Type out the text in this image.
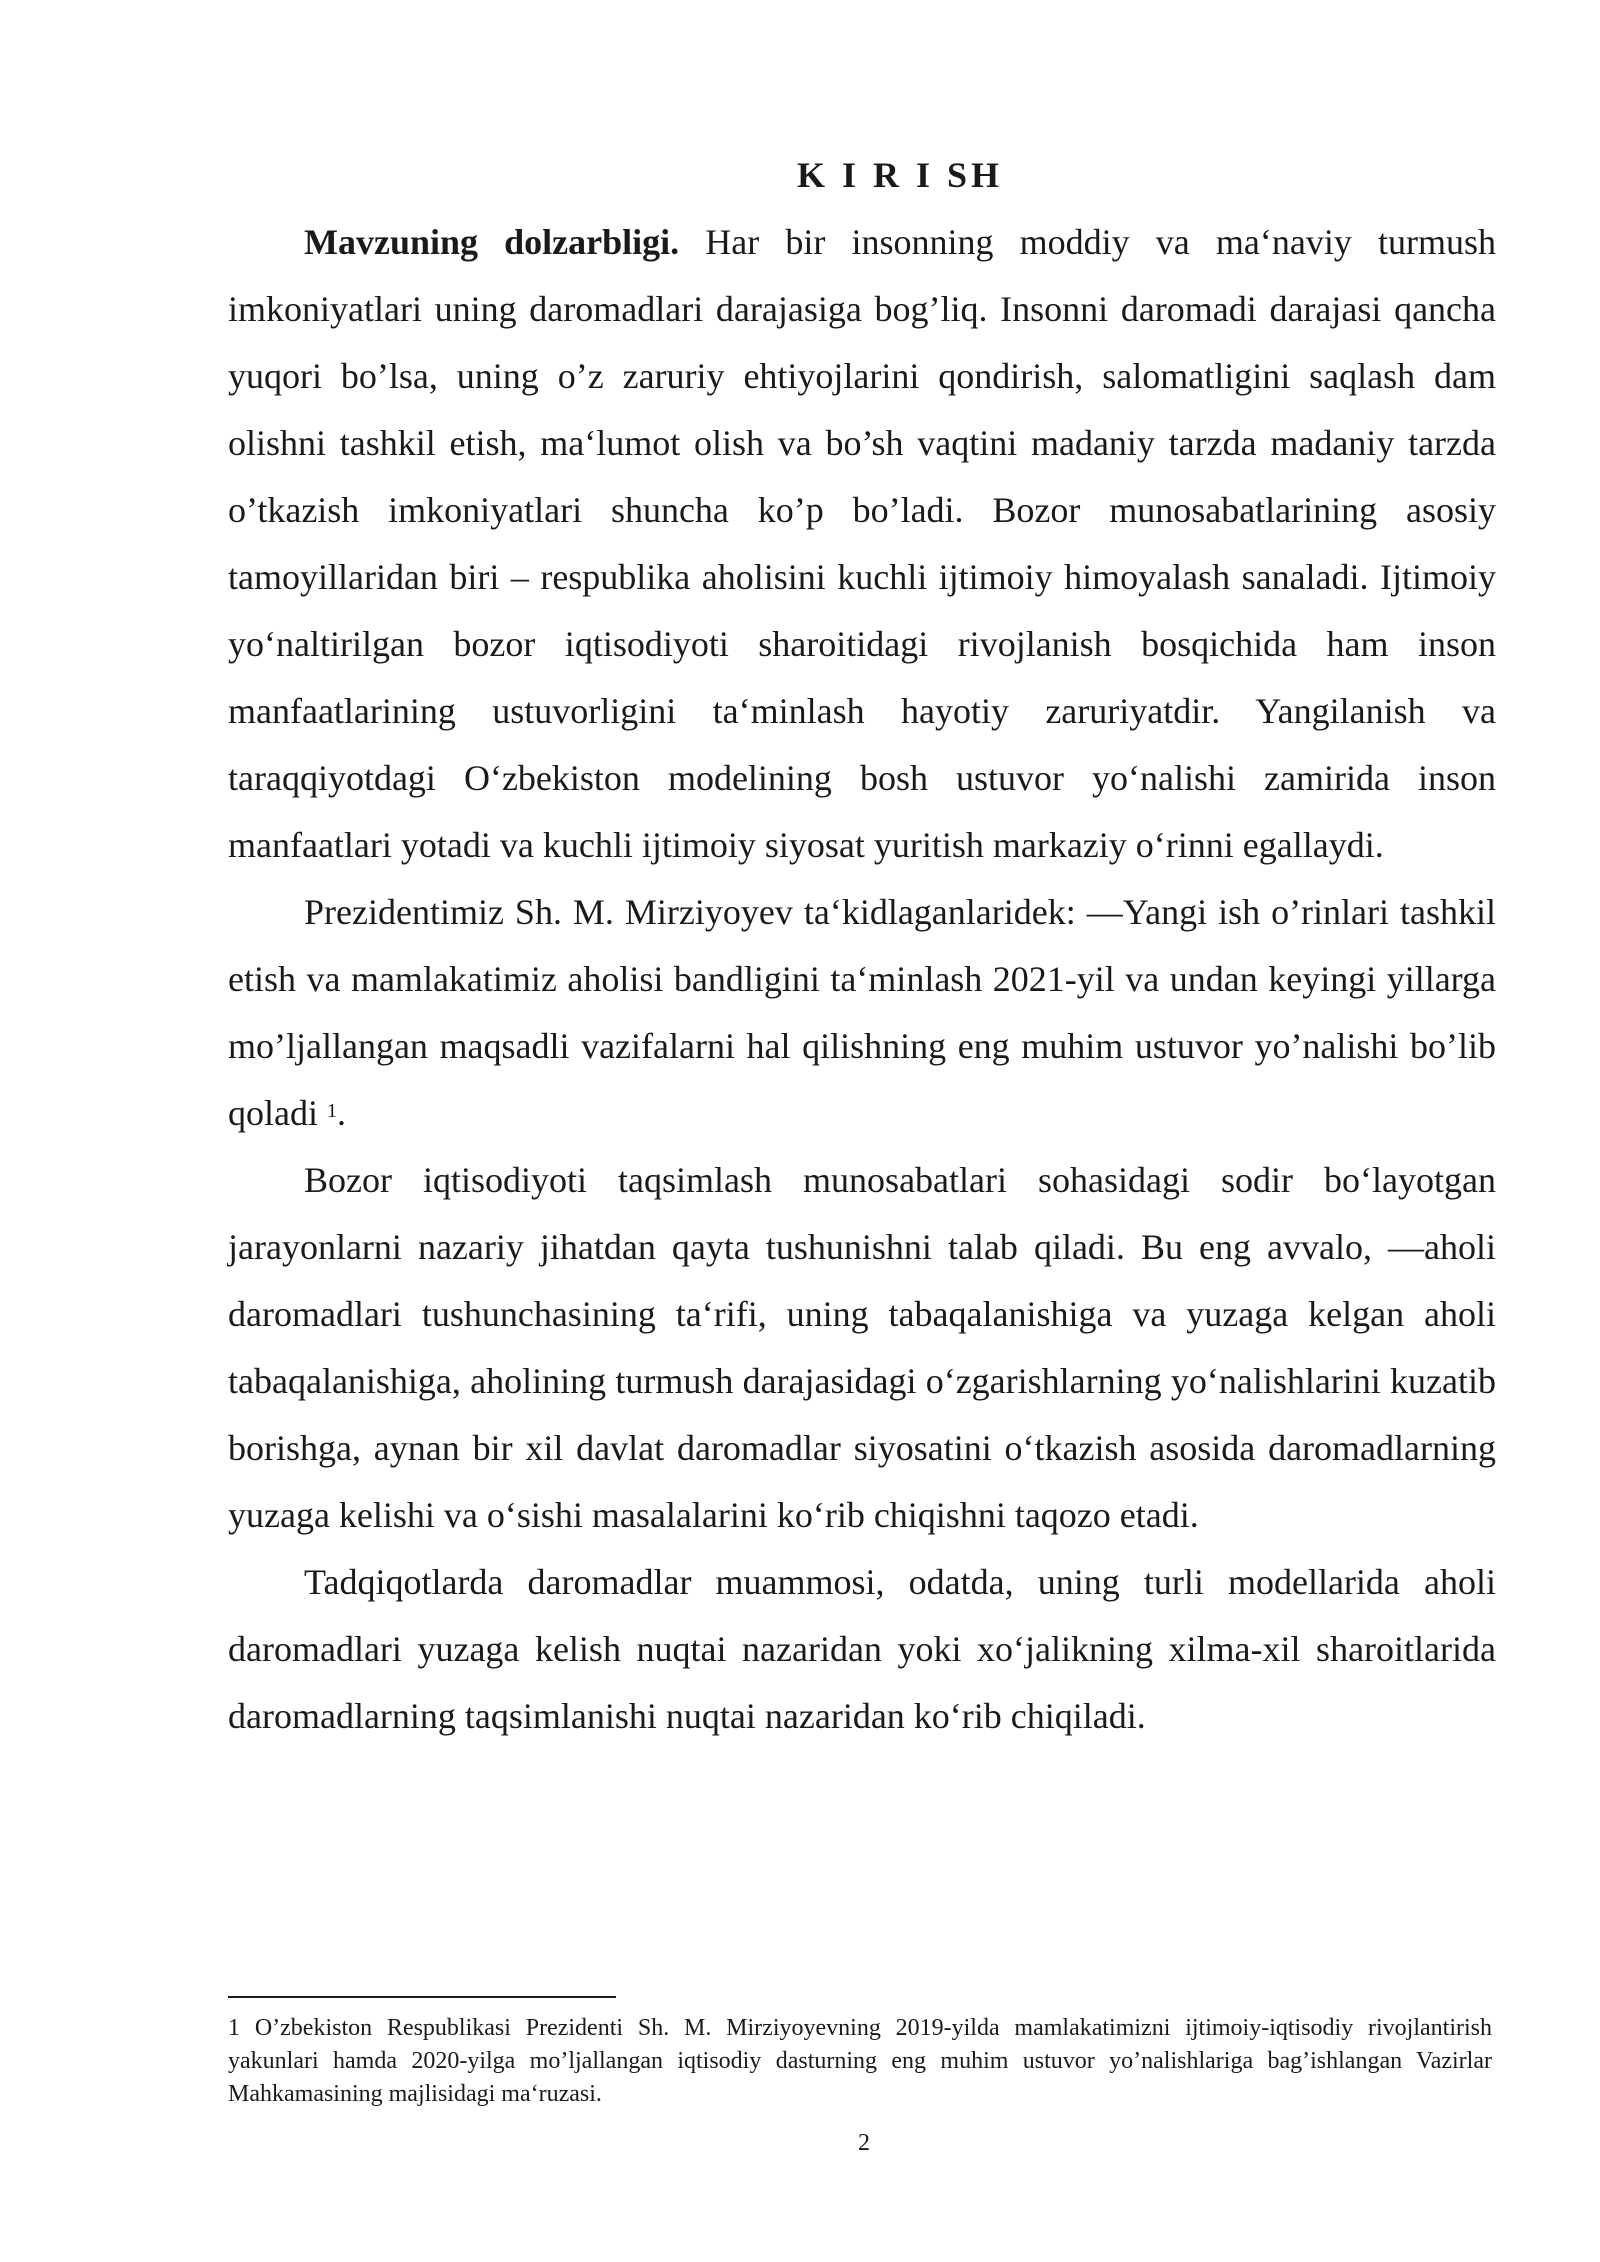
K I R I SH

Mavzuning dolzarbligi. Har bir insonning moddiy va ma‘naviy turmush imkoniyatlari uning daromadlari darajasiga bog’liq. Insonni daromadi darajasi qancha yuqori bo’lsa, uning o’z zaruriy ehtiyojlarini qondirish, salomatligini saqlash dam olishni tashkil etish, ma‘lumot olish va bo’sh vaqtini madaniy tarzda madaniy tarzda o’tkazish imkoniyatlari shuncha ko’p bo’ladi. Bozor munosabatlarining asosiy tamoyillaridan biri – respublika aholisini kuchli ijtimoiy himoyalash sanaladi. Ijtimoiy yo‘naltirilgan bozor iqtisodiyoti sharoitidagi rivojlanish bosqichida ham inson manfaatlarining ustuvorligini ta‘minlash hayotiy zaruriyatdir. Yangilanish va taraqqiyotdagi O‘zbekiston modelining bosh ustuvor yo‘nalishi zamirida inson manfaatlari yotadi va kuchli ijtimoiy siyosat yuritish markaziy o‘rinni egallaydi.

Prezidentimiz Sh. M. Mirziyoyev ta‘kidlaganlaridek: ―Yangi ish o’rinlari tashkil etish va mamlakatimiz aholisi bandligini ta‘minlash 2021-yil va undan keyingi yillarga mo’ljallangan maqsadli vazifalarni hal qilishning eng muhim ustuvor yo’nalishi bo’lib qoladi $^1$.

Bozor iqtisodiyoti taqsimlash munosabatlari sohasidagi sodir bo‘layotgan jarayonlarni nazariy jihatdan qayta tushunishni talab qiladi. Bu eng avvalo, ―aholi daromadlari tushunchasining ta‘rifi, uning tabaqalanishiga va yuzaga kelgan aholi tabaqalanishiga, aholining turmush darajasidagi o‘zgarishlarning yo‘nalishlarini kuzatib borishga, aynan bir xil davlat daromadlar siyosatini o‘tkazish asosida daromadlarning yuzaga kelishi va o‘sishi masalalarini ko‘rib chiqishni taqozo etadi.

Tadqiqotlarda daromadlar muammosi, odatda, uning turli modellarida aholi daromadlari yuzaga kelish nuqtai nazaridan yoki xo‘jalikning xilma-xil sharoitlarida daromadlarning taqsimlanishi nuqtai nazaridan ko‘rib chiqiladi.

1 O’zbekiston Respublikasi Prezidenti Sh. M. Mirziyoyevning 2019-yilda mamlakatimizni ijtimoiy-iqtisodiy rivojlantirish yakunlari hamda 2020-yilga mo’ljallangan iqtisodiy dasturning eng muhim ustuvor yo’nalishlariga bag’ishlangan Vazirlar Mahkamasining majlisidagi ma‘ruzasi.

2
